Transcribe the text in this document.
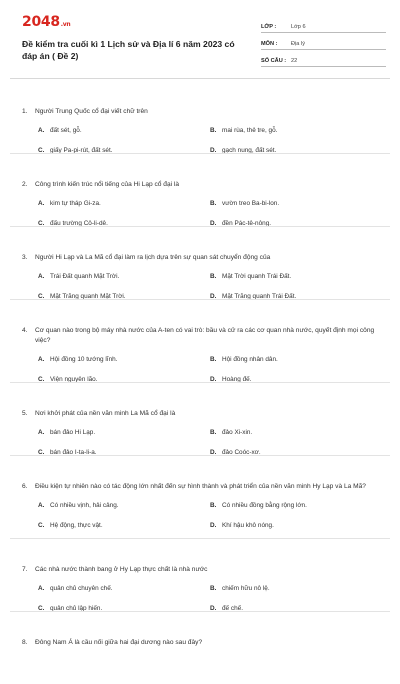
2048.vn
Đề kiểm tra cuối kì 1 Lịch sử và Địa lí 6 năm 2023 có đáp án ( Đề 2)
LỚP :	Lớp 6
MÔN :	Địa lý
SỐ CÂU : 22
1.	Người Trung Quốc cổ đại viết chữ trên
A. đất sét, gỗ.	B. mai rùa, thẻ tre, gỗ.
C. giấy Pa-pi-rút, đất sét.	D. gạch nung, đất sét.
2.	Công trình kiến trúc nổi tiếng của Hi Lạp cổ đại là
A. kim tự tháp Gi-za.	B. vườn treo Ba-bi-lon.
C. đấu trường Cô-li-dê.	D. đền Pác-tê-nông.
3.	Người Hi Lạp và La Mã cổ đại làm ra lịch dựa trên sự quan sát chuyển động của
A. Trái Đất quanh Mặt Trời.	B. Mặt Trời quanh Trái Đất.
C. Mặt Trăng quanh Mặt Trời.	D. Mặt Trăng quanh Trái Đất.
4.	Cơ quan nào trong bộ máy nhà nước của A-ten có vai trò: bầu và cử ra các cơ quan nhà nước, quyết định mọi công việc?
A. Hội đồng 10 tướng lĩnh.	B. Hội đồng nhân dân.
C. Viện nguyên lão.	D. Hoàng đế.
5.	Nơi khởi phát của nền văn minh La Mã cổ đại là
A. bán đảo Hi Lạp.	B. đảo Xi-xin.
C. bán đảo I-ta-li-a.	D. đảo Coóc-xơ.
6.	Điều kiện tự nhiên nào có tác động lớn nhất đến sự hình thành và phát triển của nền văn minh Hy Lạp và La Mã?
A. Có nhiều vịnh, hải cảng.	B. Có nhiều đồng bằng rộng lớn.
C. Hệ động, thực vật.	D. Khí hậu khô nóng.
7.	Các nhà nước thành bang ở Hy Lạp thực chất là nhà nước
A. quân chủ chuyên chế.	B. chiếm hữu nô lệ.
C. quân chủ lập hiến.	D. đế chế.
8.	Đông Nam Á là cầu nối giữa hai đại dương nào sau đây?
